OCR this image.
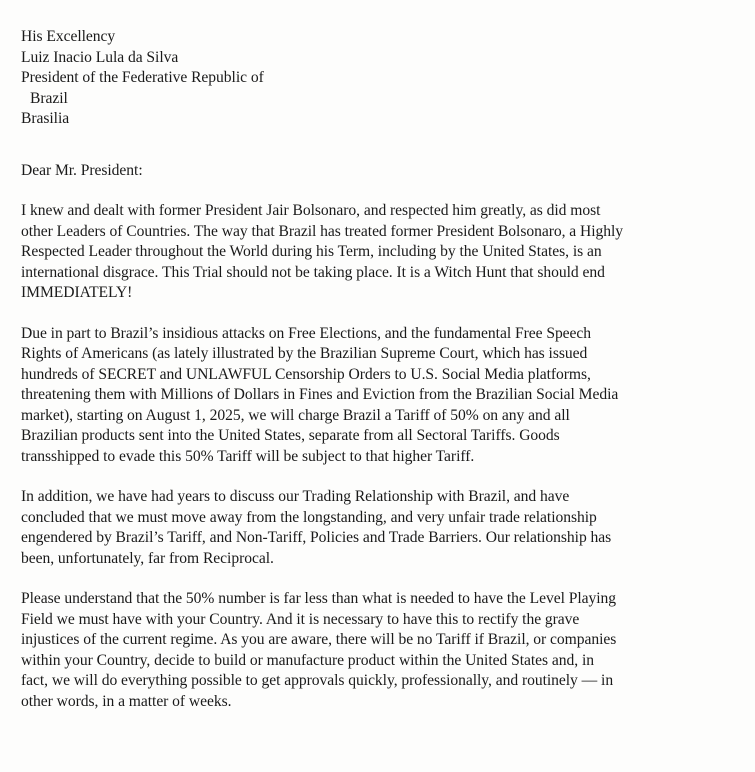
His Excellency
Luiz Inacio Lula da Silva
President of the Federative Republic of
Brazil
Brasilia
Dear Mr. President:
I knew and dealt with former President Jair Bolsonaro, and respected him greatly, as did most
other Leaders of Countries. The way that Brazil has treated former President Bolsonaro, a Highly
Respected Leader throughout the World during his Term, including by the United States, is an
international disgrace. This Trial should not be taking place. It is a Witch Hunt that should end
IMMEDIATELY!
Due in part to Brazil’s insidious attacks on Free Elections, and the fundamental Free Speech
Rights of Americans (as lately illustrated by the Brazilian Supreme Court, which has issued
hundreds of SECRET and UNLAWFUL Censorship Orders to U.S. Social Media platforms,
threatening them with Millions of Dollars in Fines and Eviction from the Brazilian Social Media
market), starting on August 1, 2025, we will charge Brazil a Tariff of 50% on any and all
Brazilian products sent into the United States, separate from all Sectoral Tariffs. Goods
transshipped to evade this 50% Tariff will be subject to that higher Tariff.
In addition, we have had years to discuss our Trading Relationship with Brazil, and have
concluded that we must move away from the longstanding, and very unfair trade relationship
engendered by Brazil’s Tariff, and Non-Tariff, Policies and Trade Barriers. Our relationship has
been, unfortunately, far from Reciprocal.
Please understand that the 50% number is far less than what is needed to have the Level Playing
Field we must have with your Country. And it is necessary to have this to rectify the grave
injustices of the current regime. As you are aware, there will be no Tariff if Brazil, or companies
within your Country, decide to build or manufacture product within the United States and, in
fact, we will do everything possible to get approvals quickly, professionally, and routinely — in
other words, in a matter of weeks.
